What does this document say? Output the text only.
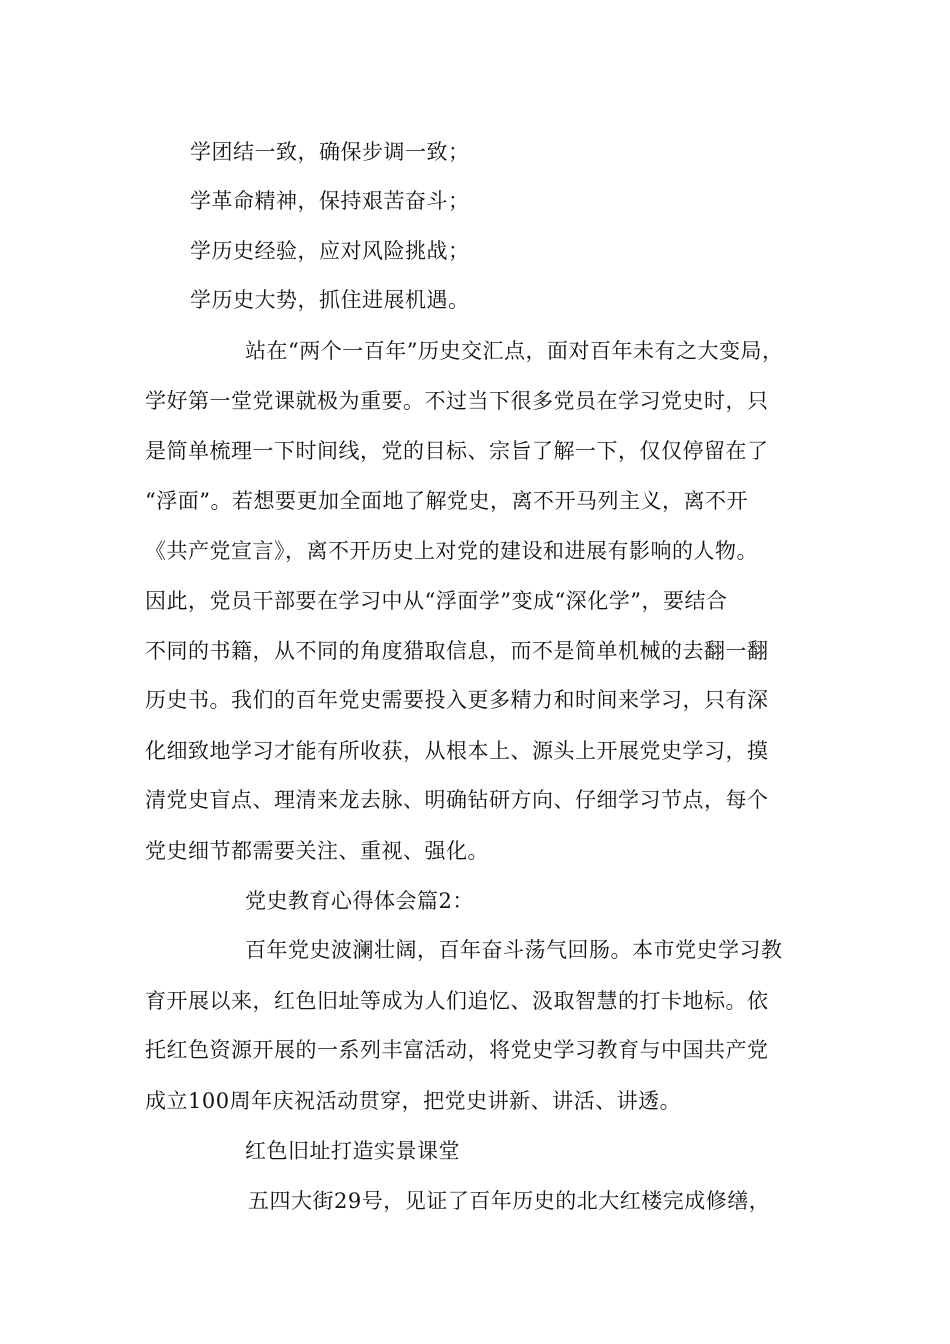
学团结一致，确保步调一致；
学革命精神，保持艰苦奋斗；
学历史经验，应对风险挑战；
学历史大势，抓住进展机遇。
站在“两个一百年”历史交汇点，面对百年未有之大变局，
学好第一堂党课就极为重要。不过当下很多党员在学习党史时，只
是简单梳理一下时间线，党的目标、宗旨了解一下，仅仅停留在了
“浮面”。若想要更加全面地了解党史，离不开马列主义，离不开
《共产党宣言》，离不开历史上对党的建设和进展有影响的人物。
因此，党员干部要在学习中从“浮面学”变成“深化学”，要结合
不同的书籍，从不同的角度猎取信息，而不是简单机械的去翻一翻
历史书。我们的百年党史需要投入更多精力和时间来学习，只有深
化细致地学习才能有所收获，从根本上、源头上开展党史学习，摸
清党史盲点、理清来龙去脉、明确钻研方向、仔细学习节点，每个
党史细节都需要关注、重视、强化。
党史教育心得体会篇2：
百年党史波澜壮阔，百年奋斗荡气回肠。本市党史学习教
育开展以来，红色旧址等成为人们追忆、汲取智慧的打卡地标。依
托红色资源开展的一系列丰富活动，将党史学习教育与中国共产党
成立100周年庆祝活动贯穿，把党史讲新、讲活、讲透。
红色旧址打造实景课堂
五四大街29号，见证了百年历史的北大红楼完成修缮，
